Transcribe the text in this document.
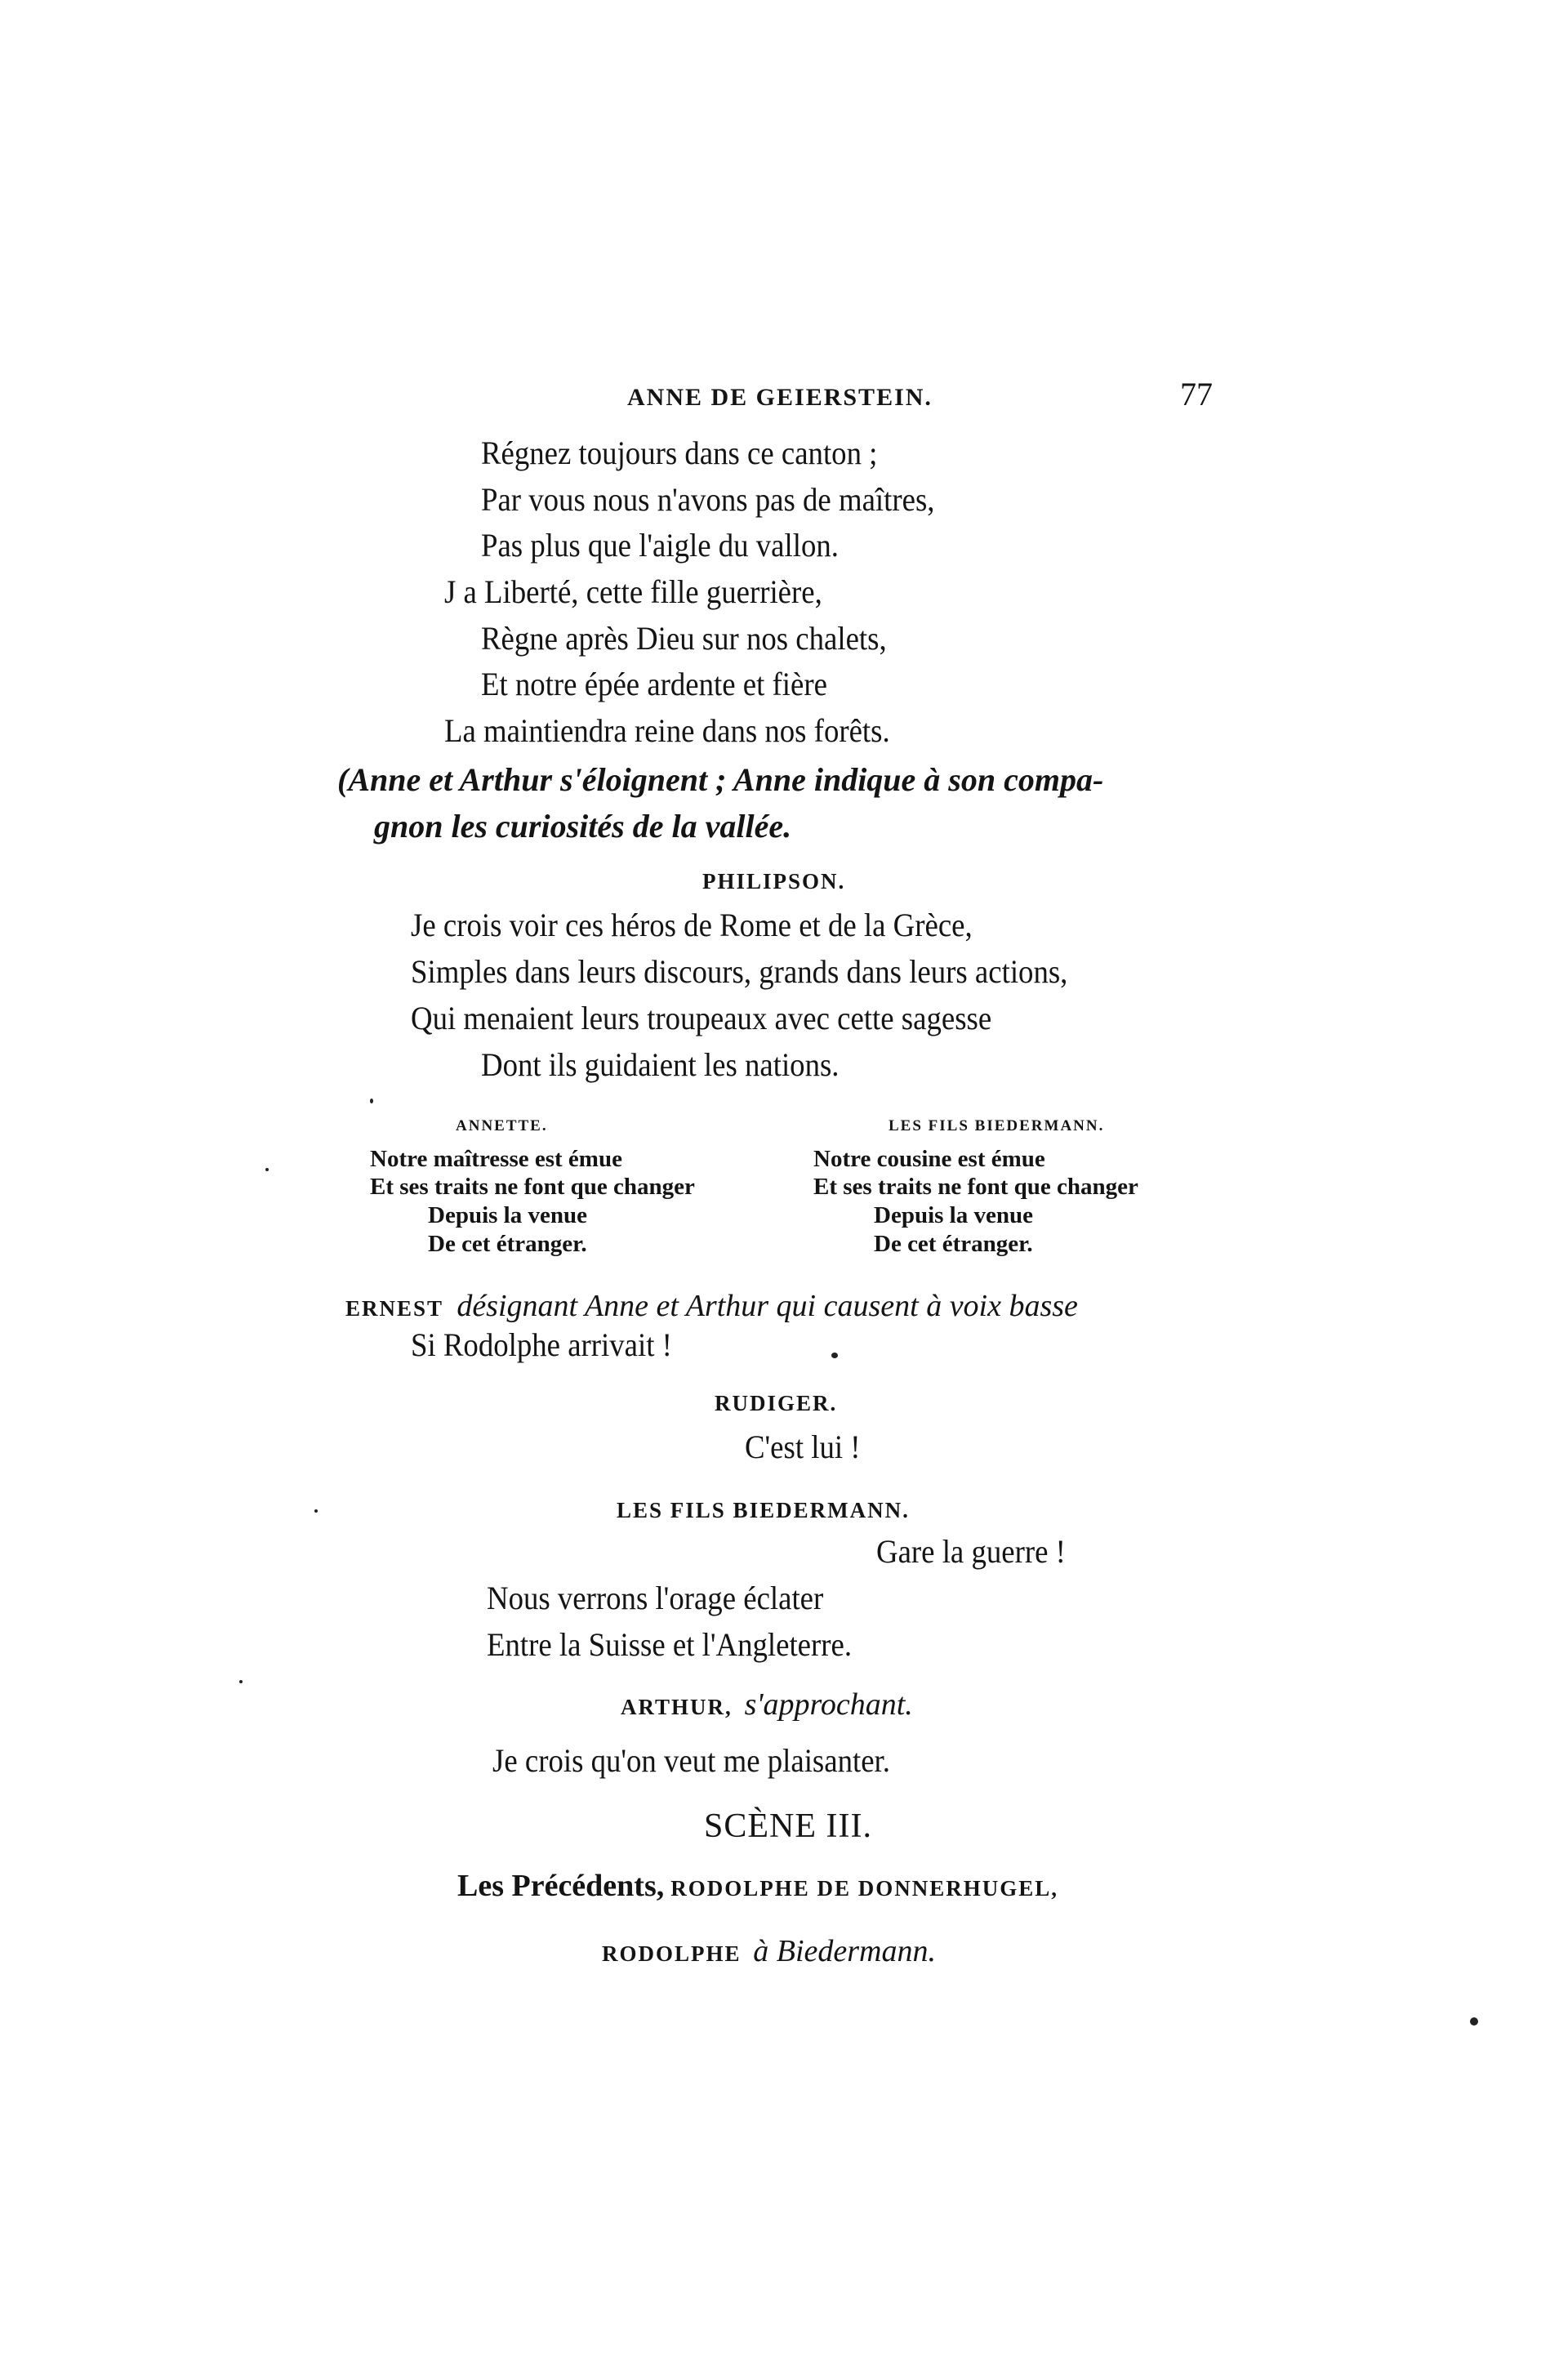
ANNE DE GEIERSTEIN.	77
Régnez toujours dans ce canton ;
Par vous nous n'avons pas de maîtres,
Pas plus que l'aigle du vallon.
J a Liberté, cette fille guerrière,
Règne après Dieu sur nos chalets,
Et notre épée ardente et fière
La maintiendra reine dans nos forêts.
(Anne et Arthur s'éloignent ; Anne indique à son compa-
gnon les curiosités de la vallée.
PHILIPSON.
Je crois voir ces héros de Rome et de la Grèce,
Simples dans leurs discours, grands dans leurs actions,
Qui menaient leurs troupeaux avec cette sagesse
Dont ils guidaient les nations.
ANNETTE.
Notre maîtresse est émue
Et ses traits ne font que changer
Depuis la venue
De cet étranger.
LES FILS BIEDERMANN.
Notre cousine est émue
Et ses traits ne font que changer
Depuis la venue
De cet étranger.
ERNEST désignant Anne et Arthur qui causent à voix basse
Si Rodolphe arrivait !
RUDIGER.
C'est lui !
LES FILS BIEDERMANN.
Gare la guerre !
Nous verrons l'orage éclater
Entre la Suisse et l'Angleterre.
ARTHUR, s'approchant.
Je crois qu'on veut me plaisanter.
SCÈNE III.
Les Précédents, RODOLPHE DE DONNERHUGEL,
RODOLPHE à Biedermann.
